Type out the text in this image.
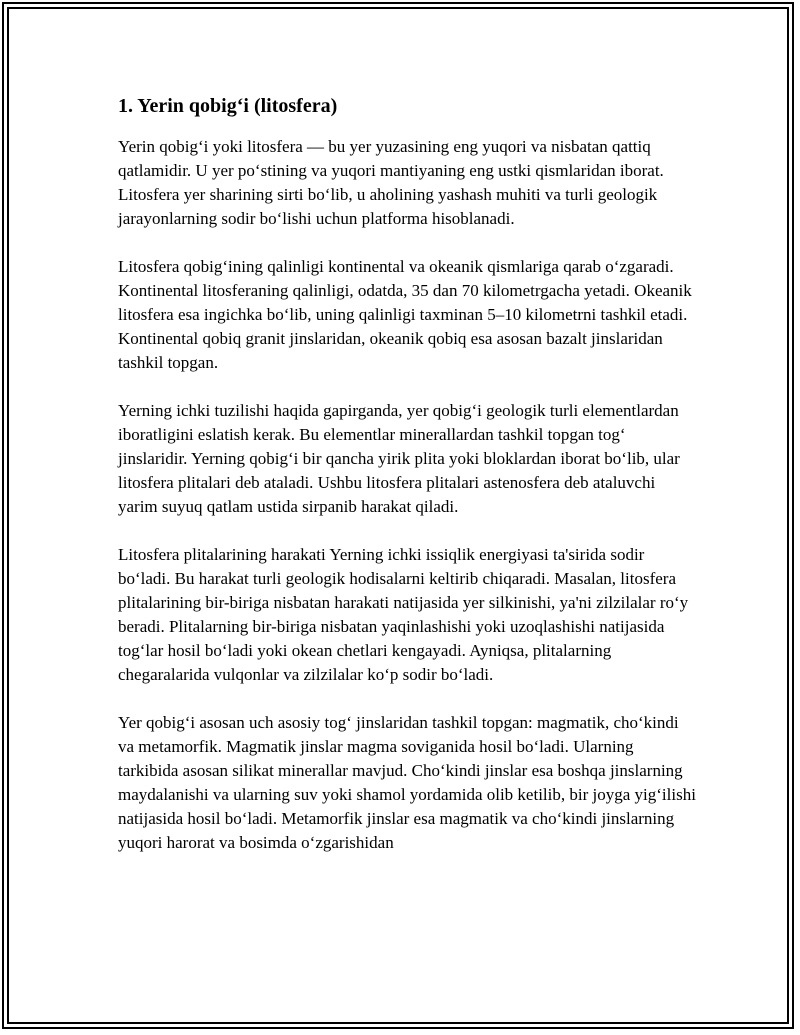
1. Yerin qobig‘i (litosfera)

Yerin qobig‘i yoki litosfera — bu yer yuzasining eng yuqori va nisbatan qattiq qatlamidir. U yer po‘stining va yuqori mantiyaning eng ustki qismlaridan iborat. Litosfera yer sharining sirti bo‘lib, u aholining yashash muhiti va turli geologik jarayonlarning sodir bo‘lishi uchun platforma hisoblanadi.

Litosfera qobig‘ining qalinligi kontinental va okeanik qismlariga qarab o‘zgaradi. Kontinental litosferaning qalinligi, odatda, 35 dan 70 kilometrgacha yetadi. Okeanik litosfera esa ingichka bo‘lib, uning qalinligi taxminan 5–10 kilometrni tashkil etadi. Kontinental qobiq granit jinslaridan, okeanik qobiq esa asosan bazalt jinslaridan tashkil topgan.

Yerning ichki tuzilishi haqida gapirganda, yer qobig‘i geologik turli elementlardan iboratligini eslatish kerak. Bu elementlar minerallardan tashkil topgan tog‘ jinslaridir. Yerning qobig‘i bir qancha yirik plita yoki bloklardan iborat bo‘lib, ular litosfera plitalari deb ataladi. Ushbu litosfera plitalari astenosfera deb ataluvchi yarim suyuq qatlam ustida sirpanib harakat qiladi.

Litosfera plitalarining harakati Yerning ichki issiqlik energiyasi ta'sirida sodir bo‘ladi. Bu harakat turli geologik hodisalarni keltirib chiqaradi. Masalan, litosfera plitalarining bir-biriga nisbatan harakati natijasida yer silkinishi, ya'ni zilzilalar ro‘y beradi. Plitalarning bir-biriga nisbatan yaqinlashishi yoki uzoqlashishi natijasida tog‘lar hosil bo‘ladi yoki okean chetlari kengayadi. Ayniqsa, plitalarning chegaralarida vulqonlar va zilzilalar ko‘p sodir bo‘ladi.

Yer qobig‘i asosan uch asosiy tog‘ jinslaridan tashkil topgan: magmatik, cho‘kindi va metamorfik. Magmatik jinslar magma soviganida hosil bo‘ladi. Ularning tarkibida asosan silikat minerallar mavjud. Cho‘kindi jinslar esa boshqa jinslarning maydalanishi va ularning suv yoki shamol yordamida olib ketilib, bir joyga yig‘ilishi natijasida hosil bo‘ladi. Metamorfik jinslar esa magmatik va cho‘kindi jinslarning yuqori harorat va bosimda o‘zgarishidan
